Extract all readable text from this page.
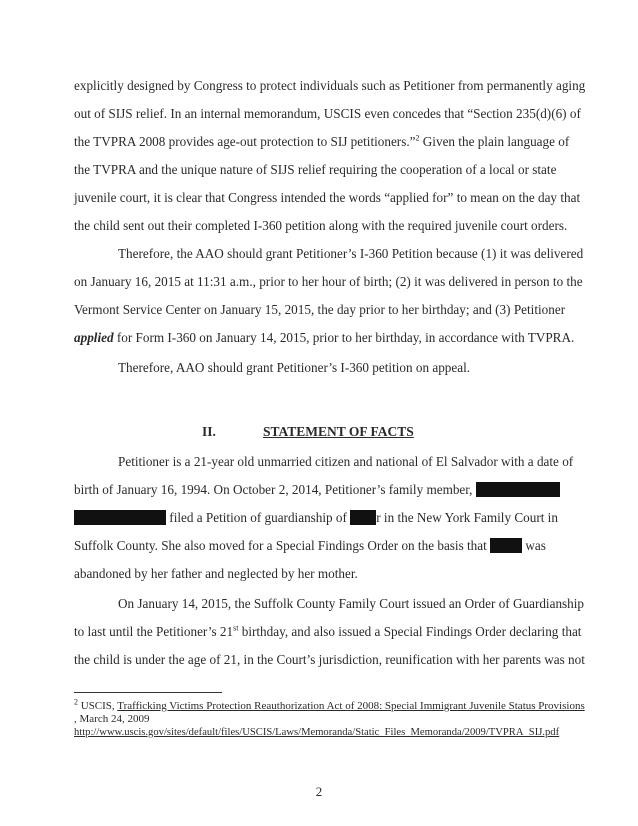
explicitly designed by Congress to protect individuals such as Petitioner from permanently aging
out of SIJS relief. In an internal memorandum, USCIS even concedes that “Section 235(d)(6) of
the TVPRA 2008 provides age-out protection to SIJ petitioners.”$^2$ Given the plain language of
the TVPRA and the unique nature of SIJS relief requiring the cooperation of a local or state
juvenile court, it is clear that Congress intended the words “applied for” to mean on the day that
the child sent out their completed I-360 petition along with the required juvenile court orders.
Therefore, the AAO should grant Petitioner’s I-360 Petition because (1) it was delivered
on January 16, 2015 at 11:31 a.m., prior to her hour of birth; (2) it was delivered in person to the
Vermont Service Center on January 15, 2015, the day prior to her birthday; and (3) Petitioner
applied for Form I-360 on January 14, 2015, prior to her birthday, in accordance with TVPRA.
Therefore, AAO should grant Petitioner’s I-360 petition on appeal.
II.	STATEMENT OF FACTS
Petitioner is a 21-year old unmarried citizen and national of El Salvador with a date of
birth of January 16, 1994. On October 2, 2014, Petitioner’s family member,
filed a Petition of guardianship of r in the New York Family Court in
Suffolk County. She also moved for a Special Findings Order on the basis that  was
abandoned by her father and neglected by her mother.
On January 14, 2015, the Suffolk County Family Court issued an Order of Guardianship
to last until the Petitioner’s 21st birthday, and also issued a Special Findings Order declaring that
the child is under the age of 21, in the Court’s jurisdiction, reunification with her parents was not
$^2$ USCIS, Trafficking Victims Protection Reauthorization Act of 2008: Special Immigrant Juvenile Status Provisions
, March 24, 2009
http://www.uscis.gov/sites/default/files/USCIS/Laws/Memoranda/Static_Files_Memoranda/2009/TVPRA_SIJ.pdf
2
